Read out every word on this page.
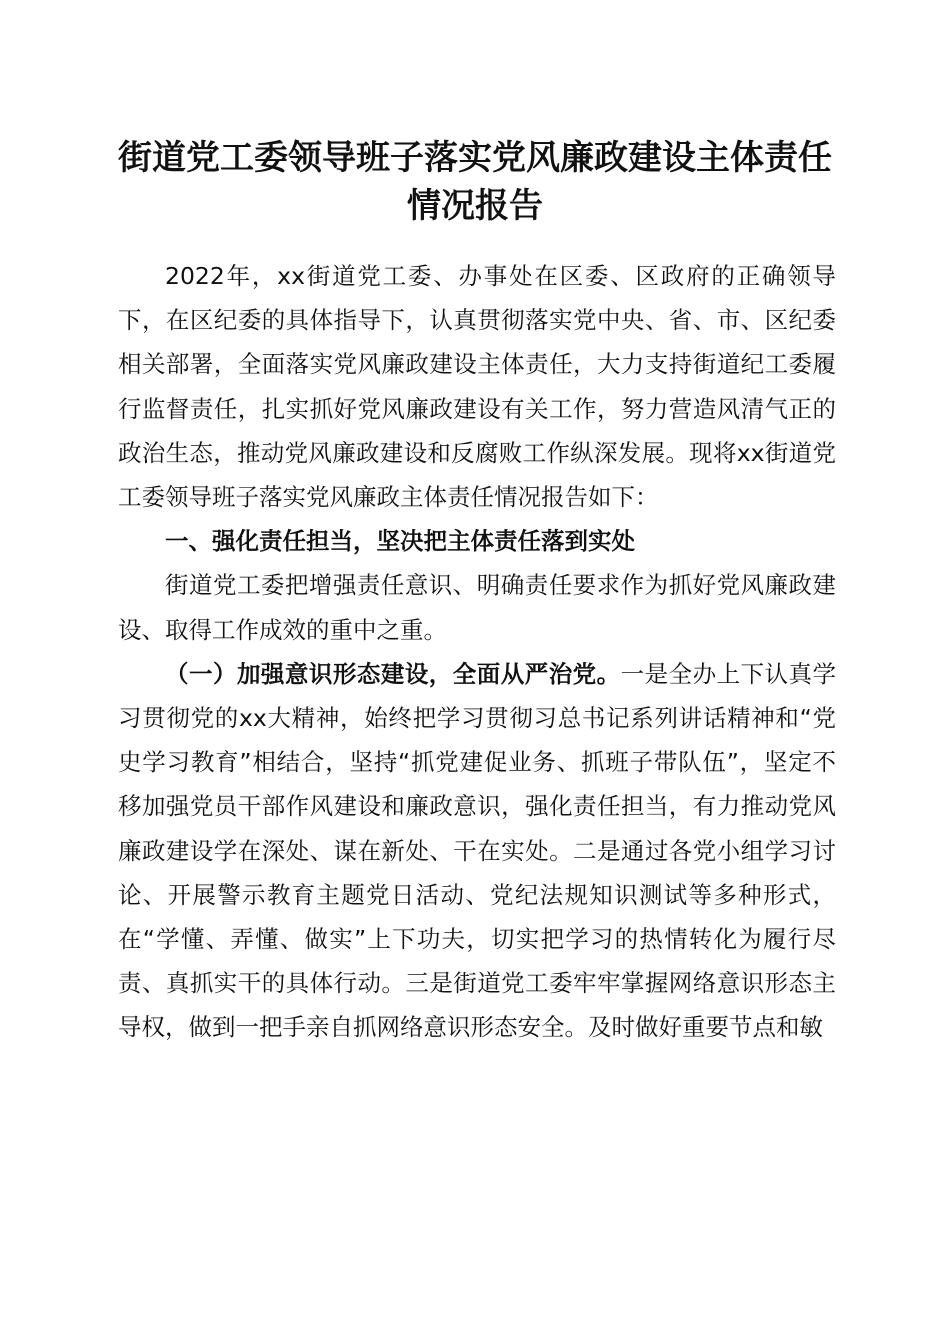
街道党工委领导班子落实党风廉政建设主体责任情况报告

2022年，xx街道党工委、办事处在区委、区政府的正确领导下，在区纪委的具体指导下，认真贯彻落实党中央、省、市、区纪委相关部署，全面落实党风廉政建设主体责任，大力支持街道纪工委履行监督责任，扎实抓好党风廉政建设有关工作，努力营造风清气正的政治生态，推动党风廉政建设和反腐败工作纵深发展。现将xx街道党工委领导班子落实党风廉政主体责任情况报告如下：

一、强化责任担当，坚决把主体责任落到实处

街道党工委把增强责任意识、明确责任要求作为抓好党风廉政建设、取得工作成效的重中之重。

（一）加强意识形态建设，全面从严治党。一是全办上下认真学习贯彻党的xx大精神，始终把学习贯彻习总书记系列讲话精神和“党史学习教育”相结合，坚持“抓党建促业务、抓班子带队伍”，坚定不移加强党员干部作风建设和廉政意识，强化责任担当，有力推动党风廉政建设学在深处、谋在新处、干在实处。二是通过各党小组学习讨论、开展警示教育主题党日活动、党纪法规知识测试等多种形式，在“学懂、弄懂、做实”上下功夫，切实把学习的热情转化为履行尽责、真抓实干的具体行动。三是街道党工委牢牢掌握网络意识形态主导权，做到一把手亲自抓网络意识形态安全。及时做好重要节点和敏
